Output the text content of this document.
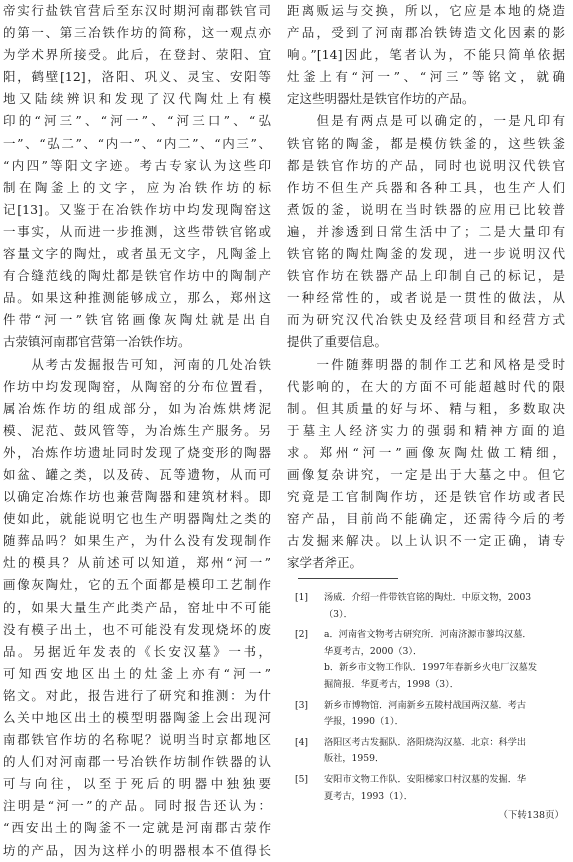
帝实行盐铁官营后至东汉时期河南郡铁官司
的第一、第三冶铁作坊的简称，这一观点亦
为学术界所接受。此后，在登封、荥阳、宜
阳，鹤壁[12]，洛阳、巩义、灵宝、安阳等
地又陆续辨识和发现了汉代陶灶上有模
印的“河三”、“河一”、“河三口”、“弘
一”、“弘二”、“内一”、“内二”、“内三”、
“内四”等阳文字迹。考古专家认为这些印
制在陶釜上的文字，应为冶铁作坊的标
记[13]。又鉴于在冶铁作坊中均发现陶窑这
一事实，从而进一步推测，这些带铁官铭或
容量文字的陶灶，或者虽无文字，凡陶釜上
有合缝范线的陶灶都是铁官作坊中的陶制产
品。如果这种推测能够成立，那么，郑州这
件带“河一”铁官铭画像灰陶灶就是出自
古荥镇河南郡官营第一冶铁作坊。
　　从考古发掘报告可知，河南的几处冶铁
作坊中均发现陶窑，从陶窑的分布位置看，
属冶炼作坊的组成部分，如为冶炼烘烤泥
模、泥范、鼓风管等，为冶炼生产服务。另
外，冶炼作坊遗址同时发现了烧变形的陶器
如盆、罐之类，以及砖、瓦等遗物，从而可
以确定冶炼作坊也兼营陶器和建筑材料。即
使如此，就能说明它也生产明器陶灶之类的
随葬品吗？如果生产，为什么没有发现制作
灶的模具？从前述可以知道，郑州“河一”
画像灰陶灶，它的五个面都是模印工艺制作
的，如果大量生产此类产品，窑址中不可能
没有模子出土，也不可能没有发现烧坏的废
品。另据近年发表的《长安汉墓》一书，
可知西安地区出土的灶釜上亦有“河一”
铭文。对此，报告进行了研究和推测：为什
么关中地区出土的模型明器陶釜上会出现河
南郡铁官作坊的名称呢？说明当时京都地区
的人们对河南郡一号冶铁作坊制作铁器的认
可与向往，以至于死后的明器中独独要
注明是“河一”的产品。同时报告还认为：
“西安出土的陶釜不一定就是河南郡古荥作
坊的产品，因为这样小的明器根本不值得长
距离贩运与交换，所以，它应是本地的烧造
产品，受到了河南郡冶铁铸造文化因素的影
响。”[14]因此，笔者认为，不能只简单依据
灶釜上有“河一”、“河三”等铭文，就确
定这些明器灶是铁官作坊的产品。
　　但是有两点是可以确定的，一是凡印有
铁官铭的陶釜，都是模仿铁釜的，这些铁釜
都是铁官作坊的产品，同时也说明汉代铁官
作坊不但生产兵器和各种工具，也生产人们
煮饭的釜，说明在当时铁器的应用已比较普
遍，并渗透到日常生活中了；二是大量印有
铁官铭的陶灶陶釜的发现，进一步说明汉代
铁官作坊在铁器产品上印制自己的标记，是
一种经常性的，或者说是一贯性的做法，从
而为研究汉代冶铁史及经营项目和经营方式
提供了重要信息。
　　一件随葬明器的制作工艺和风格是受时
代影响的，在大的方面不可能超越时代的限
制。但其质量的好与坏、精与粗，多数取决
于墓主人经济实力的强弱和精神方面的追
求。郑州“河一”画像灰陶灶做工精细，
画像复杂讲究，一定是出于大墓之中。但它
究竟是工官制陶作坊，还是铁官作坊或者民
窑产品，目前尚不能确定，还需待今后的考
古发掘来解决。以上认识不一定正确，请专
家学者斧正。
[1]	汤威．介绍一件带铁官铭的陶灶．中原文物，2003
（3）．
[2]	a．河南省文物考古研究所．河南济源市蓼坞汉墓．
华夏考古，2000（3）．
b．新乡市文物工作队．1997年春新乡火电厂汉墓发
掘简报．华夏考古，1998（3）．
[3]	新乡市博物馆．河南新乡五陵村战国两汉墓．考古
学报，1990（1）．
[4]	洛阳区考古发掘队．洛阳烧沟汉墓．北京：科学出
版社，1959．
[5]	安阳市文物工作队．安阳梯家口村汉墓的发掘．华
夏考古，1993（1）．
（下转138页）
